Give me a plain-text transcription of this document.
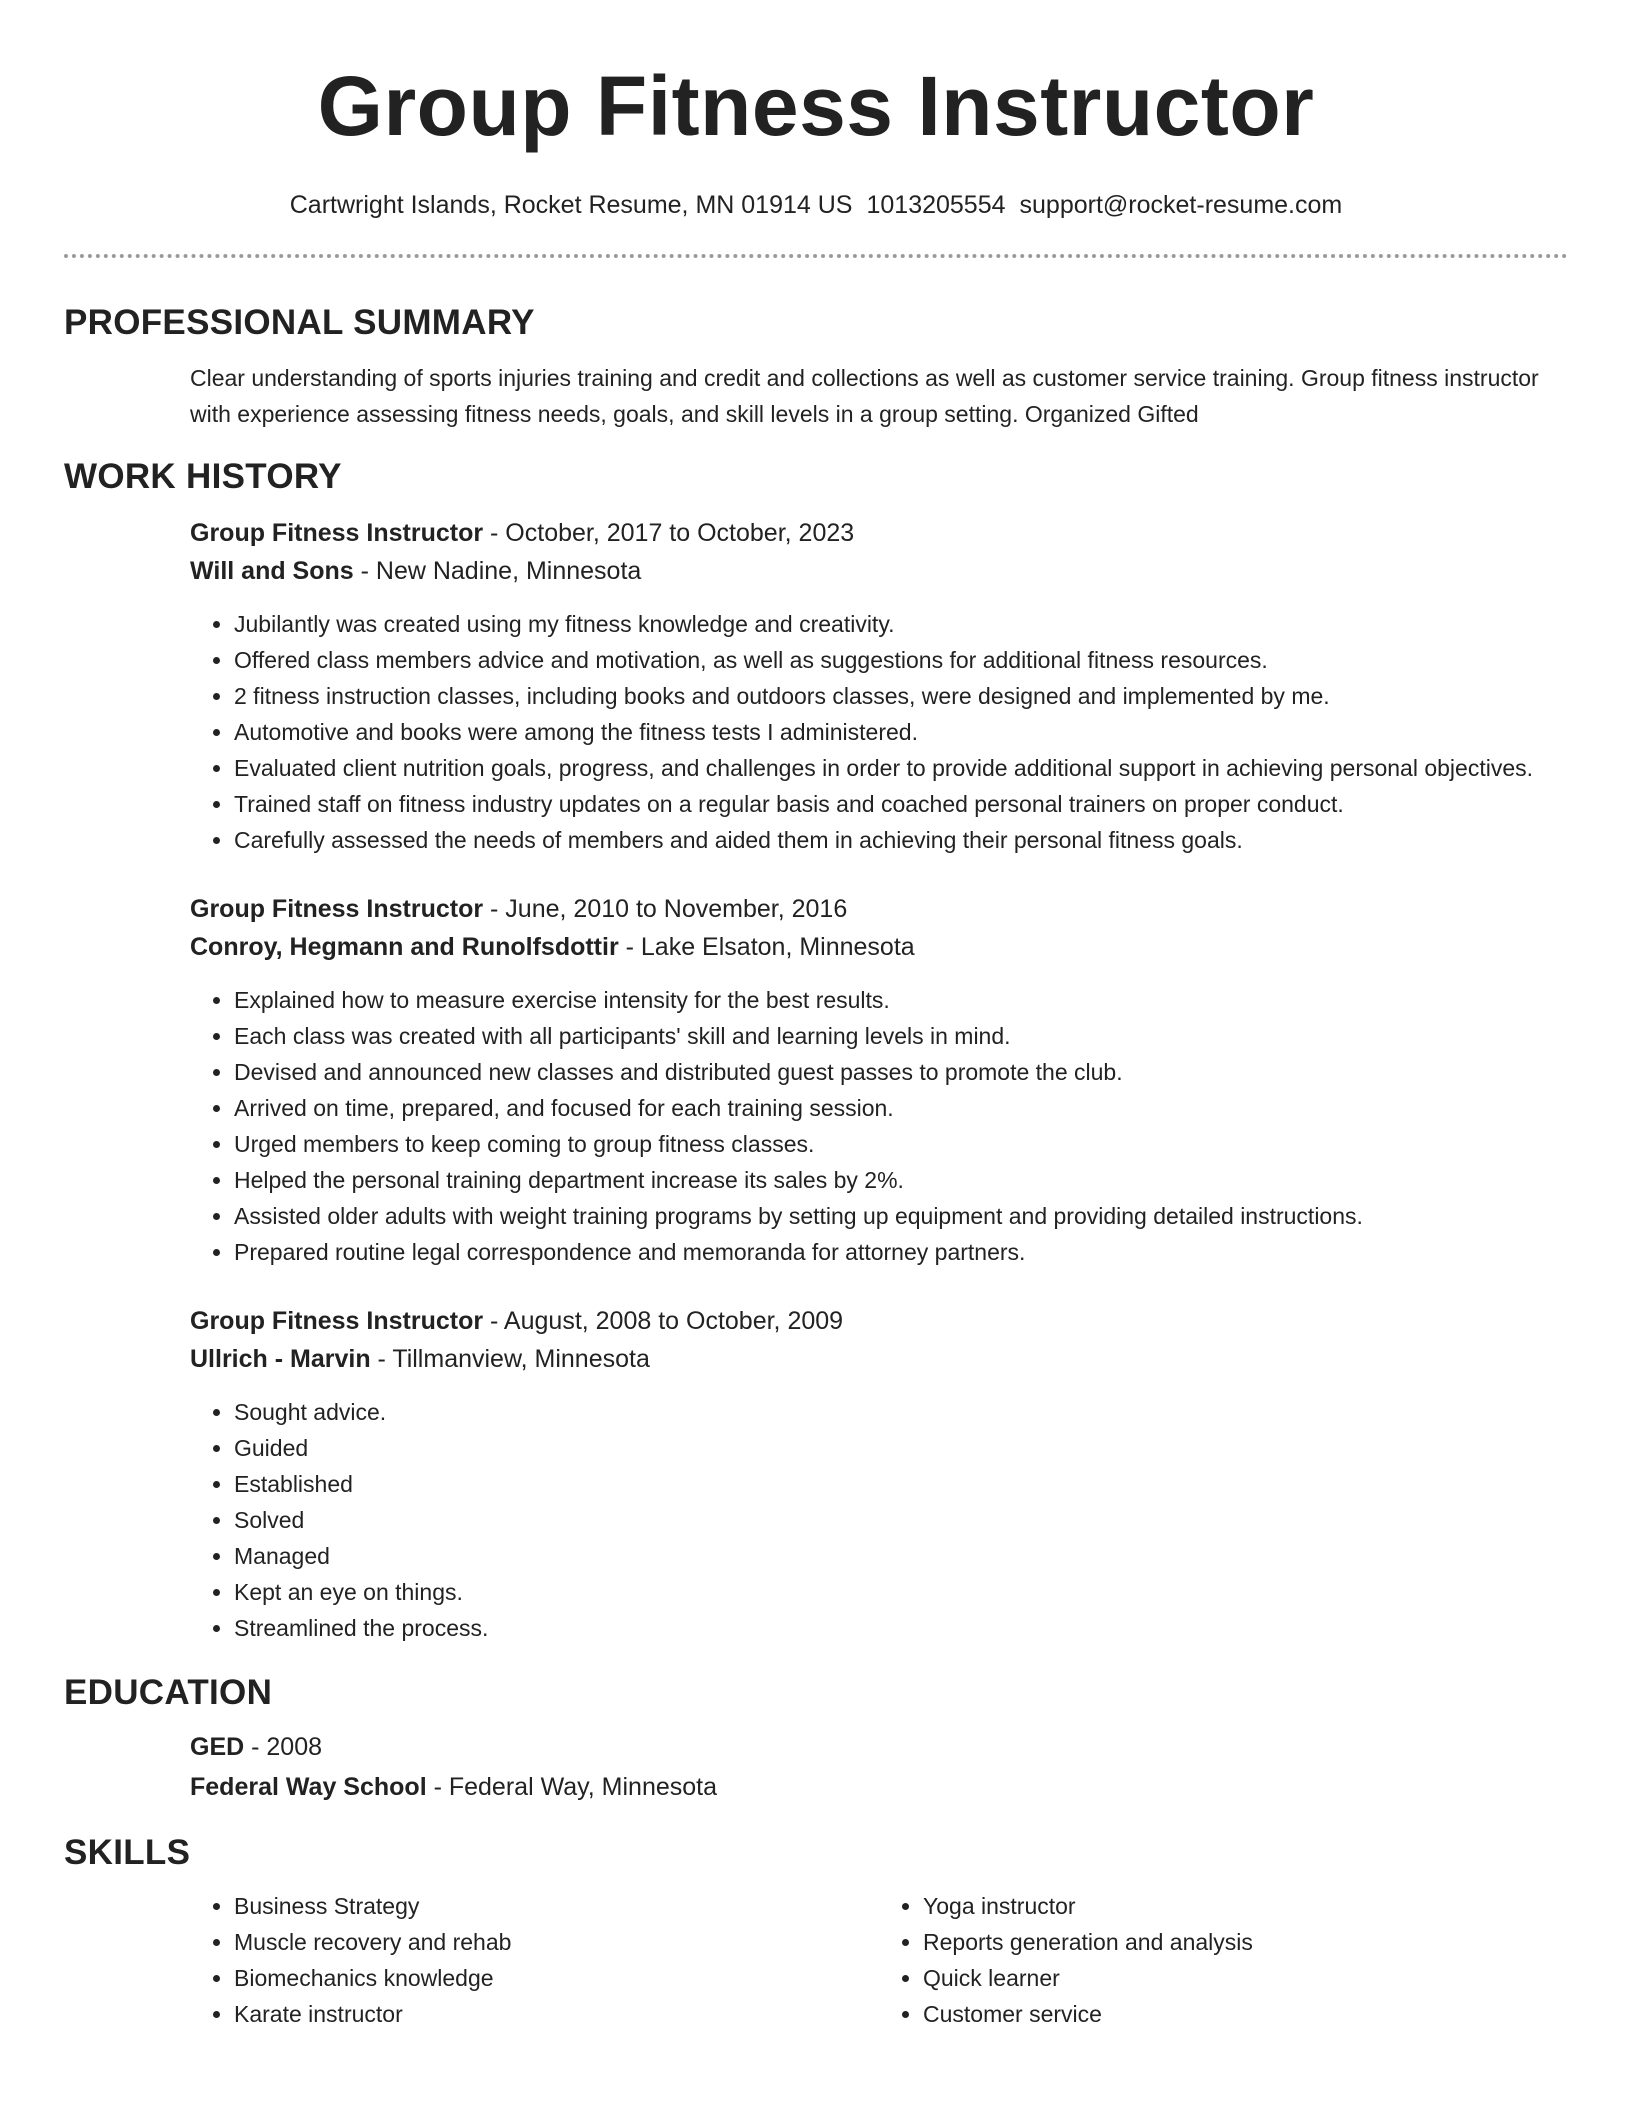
Group Fitness Instructor
Cartwright Islands, Rocket Resume, MN 01914 US 1013205554 support@rocket-resume.com
PROFESSIONAL SUMMARY

Clear understanding of sports injuries training and credit and collections as well as customer service training. Group fitness instructor with experience assessing fitness needs, goals, and skill levels in a group setting. Organized Gifted

WORK HISTORY

Group Fitness Instructor - October, 2017 to October, 2023

Will and Sons - New Nadine, Minnesota

• Jubilantly was created using my fitness knowledge and creativity.
• Offered class members advice and motivation, as well as suggestions for additional fitness resources.
• 2 fitness instruction classes, including books and outdoors classes, were designed and implemented by me.
• Automotive and books were among the fitness tests I administered.
• Evaluated client nutrition goals, progress, and challenges in order to provide additional support in achieving personal objectives.
• Trained staff on fitness industry updates on a regular basis and coached personal trainers on proper conduct.
• Carefully assessed the needs of members and aided them in achieving their personal fitness goals.

Group Fitness Instructor - June, 2010 to November, 2016

Conroy, Hegmann and Runolfsdottir - Lake Elsaton, Minnesota

• Explained how to measure exercise intensity for the best results.
• Each class was created with all participants' skill and learning levels in mind.
• Devised and announced new classes and distributed guest passes to promote the club.
• Arrived on time, prepared, and focused for each training session.
• Urged members to keep coming to group fitness classes.
• Helped the personal training department increase its sales by 2%.
• Assisted older adults with weight training programs by setting up equipment and providing detailed instructions.
• Prepared routine legal correspondence and memoranda for attorney partners.

Group Fitness Instructor - August, 2008 to October, 2009

Ullrich - Marvin - Tillmanview, Minnesota

• Sought advice.
• Guided
• Established
• Solved
• Managed
• Kept an eye on things.
• Streamlined the process.
EDUCATION

GED - 2008

Federal Way School - Federal Way, Minnesota

SKILLS
• Business Strategy
• Muscle recovery and rehab
• Biomechanics knowledge
• Karate instructor
• Yoga instructor
• Reports generation and analysis
• Quick learner
• Customer service
